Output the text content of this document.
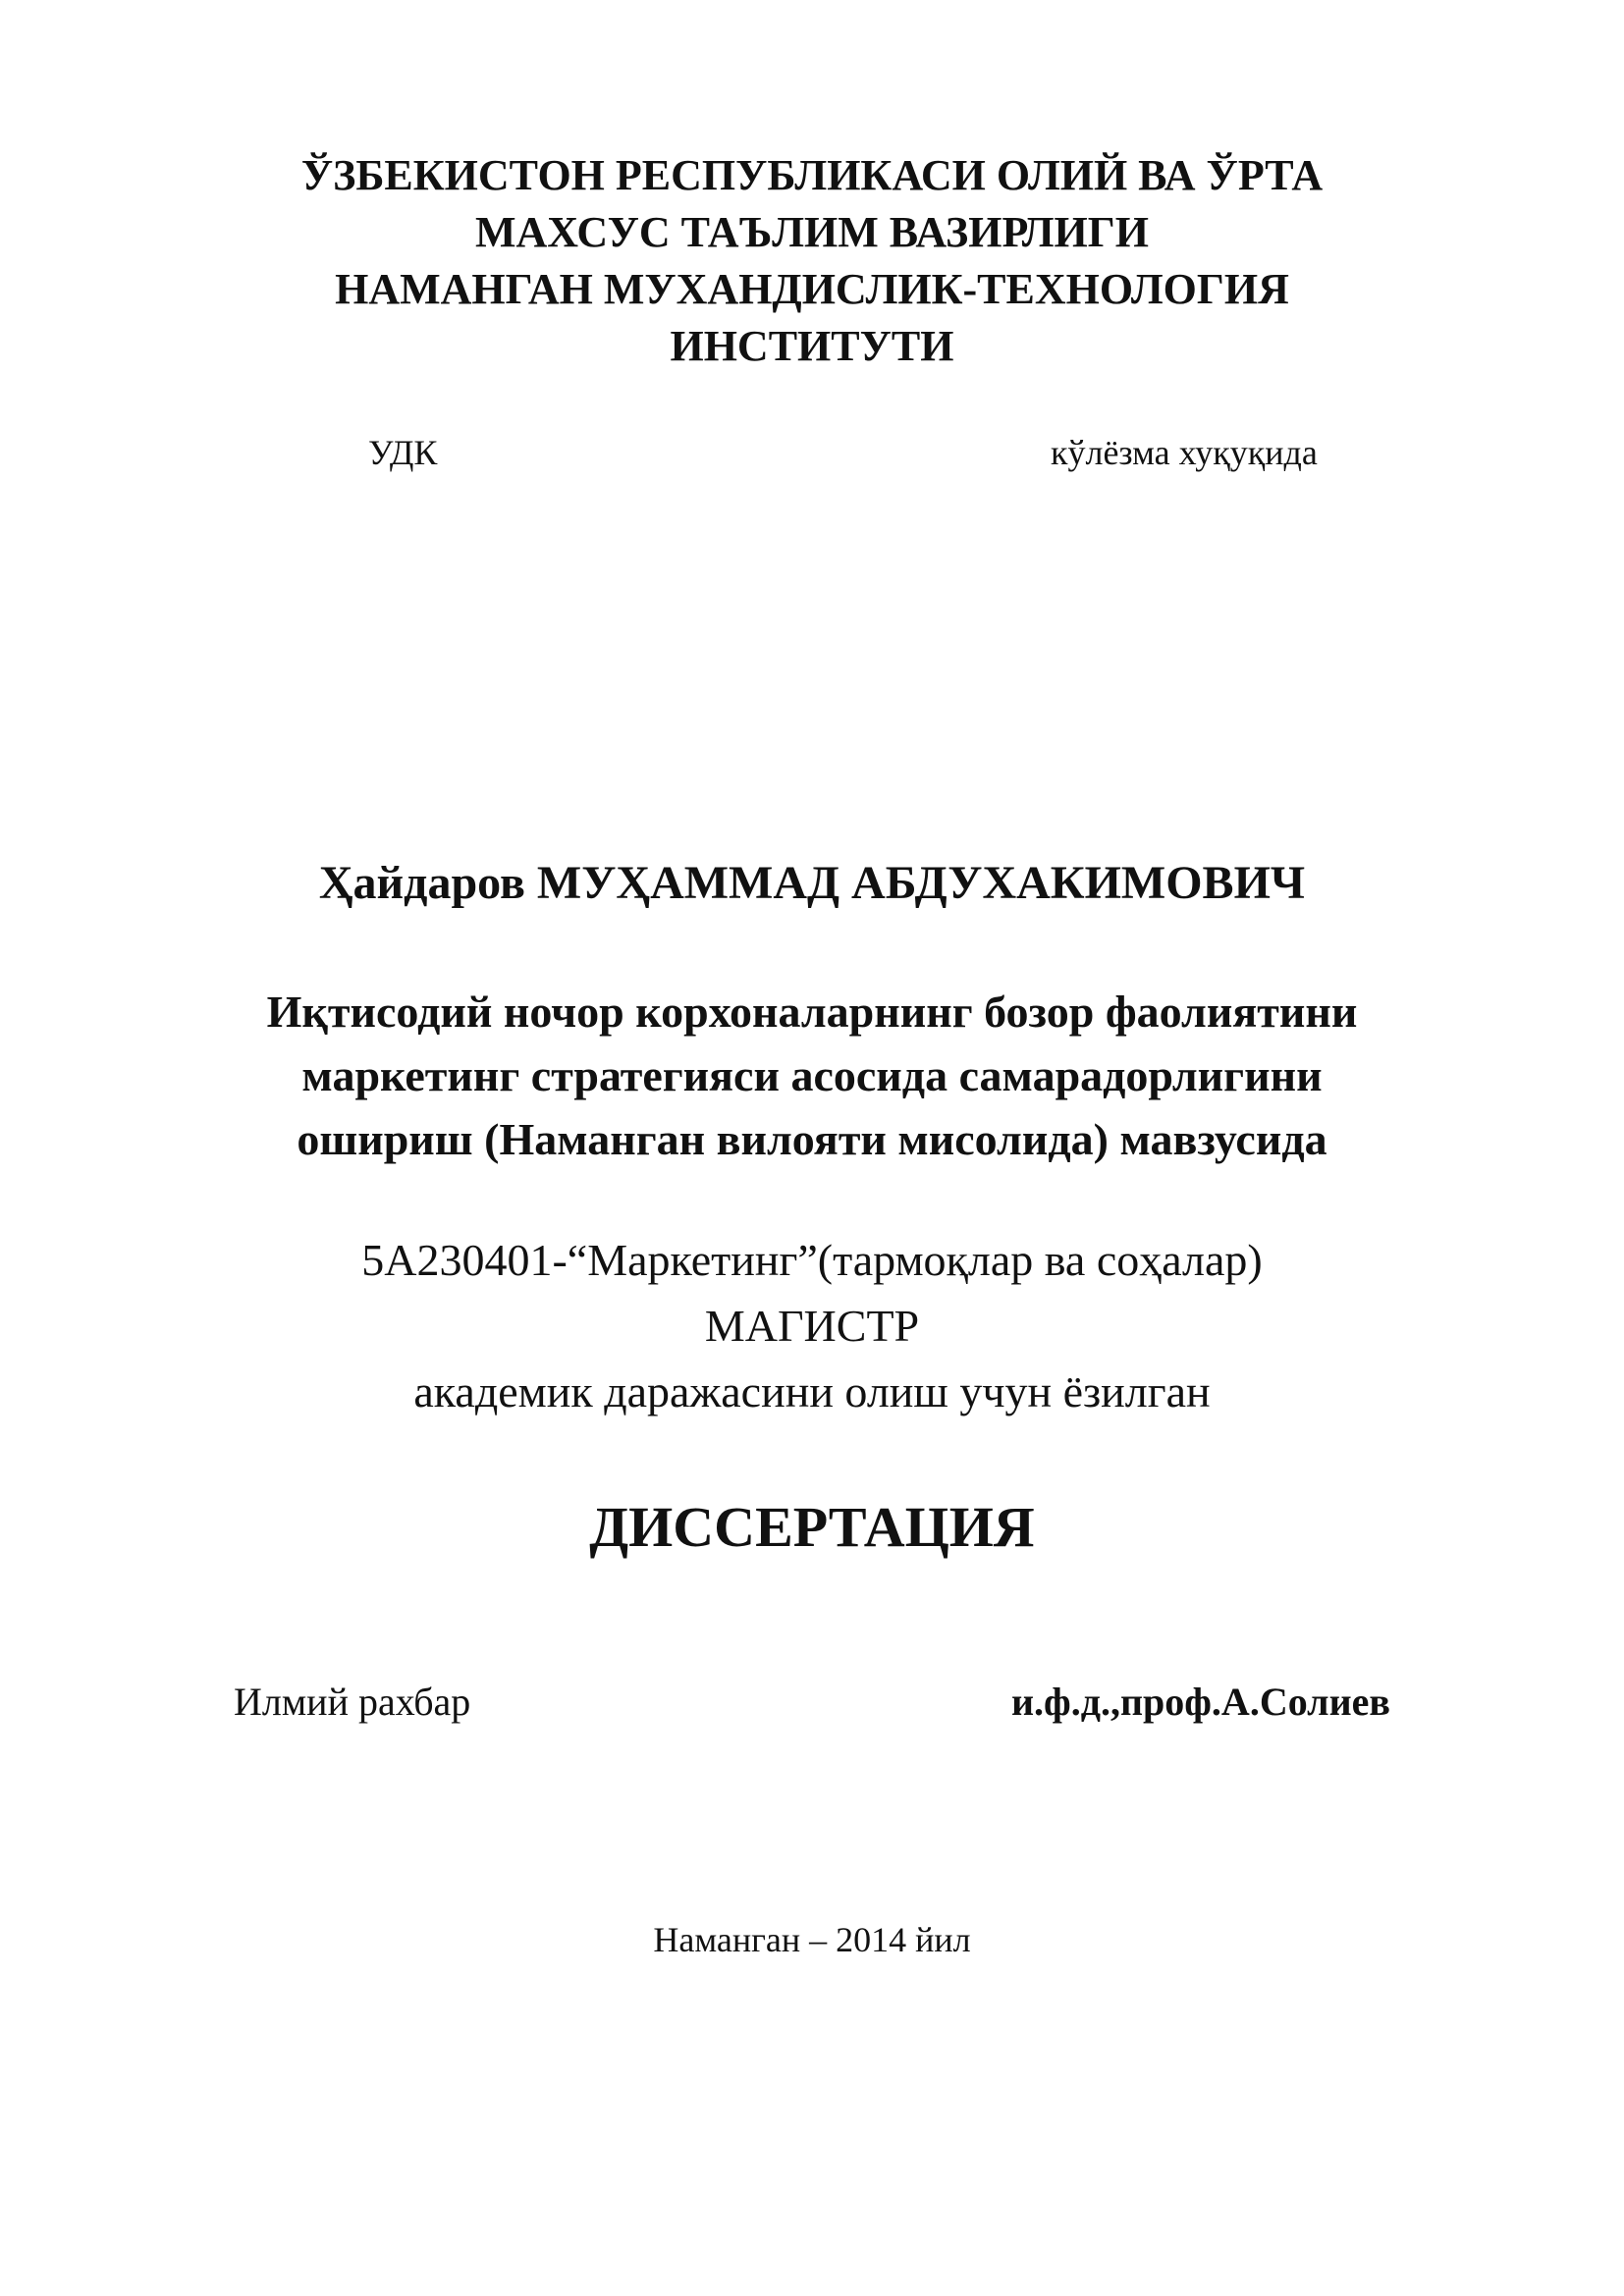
ЎЗБЕКИСТОН РЕСПУБЛИКАСИ ОЛИЙ ВА ЎРТА
МАХСУС ТАЪЛИМ ВАЗИРЛИГИ
НАМАНГАН МУХАНДИСЛИК-ТЕХНОЛОГИЯ
ИНСТИТУТИ
УДК	кўлёзма хуқуқида
Ҳайдаров МУҲАММАД АБДУХАКИМОВИЧ
Иқтисодий ночор корхоналарнинг бозор фаолиятини
маркетинг стратегияси асосида самарадорлигини
ошириш (Наманган вилояти мисолида) мавзусида
5А230401-“Маркетинг”(тармоқлар ва соҳалар)
МАГИСТР
академик даражасини олиш учун ёзилган
ДИССЕРТАЦИЯ
Илмий рахбар	и.ф.д.,проф.А.Солиев
Наманган – 2014 йил
